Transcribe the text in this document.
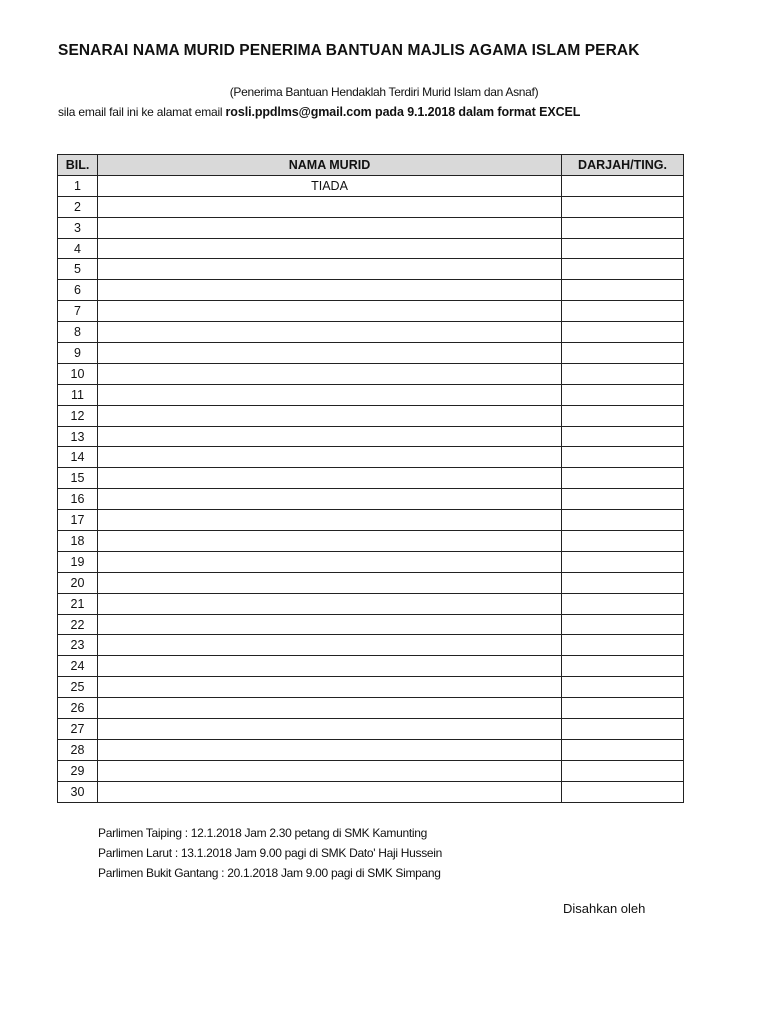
SENARAI NAMA MURID PENERIMA BANTUAN MAJLIS AGAMA ISLAM PERAK
(Penerima Bantuan Hendaklah Terdiri Murid Islam dan Asnaf)
sila email fail ini ke alamat email rosli.ppdlms@gmail.com pada 9.1.2018 dalam format EXCEL
BIL.	NAMA MURID	DARJAH/TING.
1	TIADA	
2		
3		
4		
5		
6		
7		
8		
9		
10		
11		
12		
13		
14		
15		
16		
17		
18		
19		
20		
21		
22		
23		
24		
25		
26		
27		
28		
29		
30		
Parlimen Taiping : 12.1.2018 Jam 2.30 petang di SMK Kamunting
Parlimen Larut : 13.1.2018 Jam 9.00 pagi di SMK Dato' Haji Hussein
Parlimen Bukit Gantang : 20.1.2018 Jam 9.00 pagi di SMK Simpang
Disahkan oleh
